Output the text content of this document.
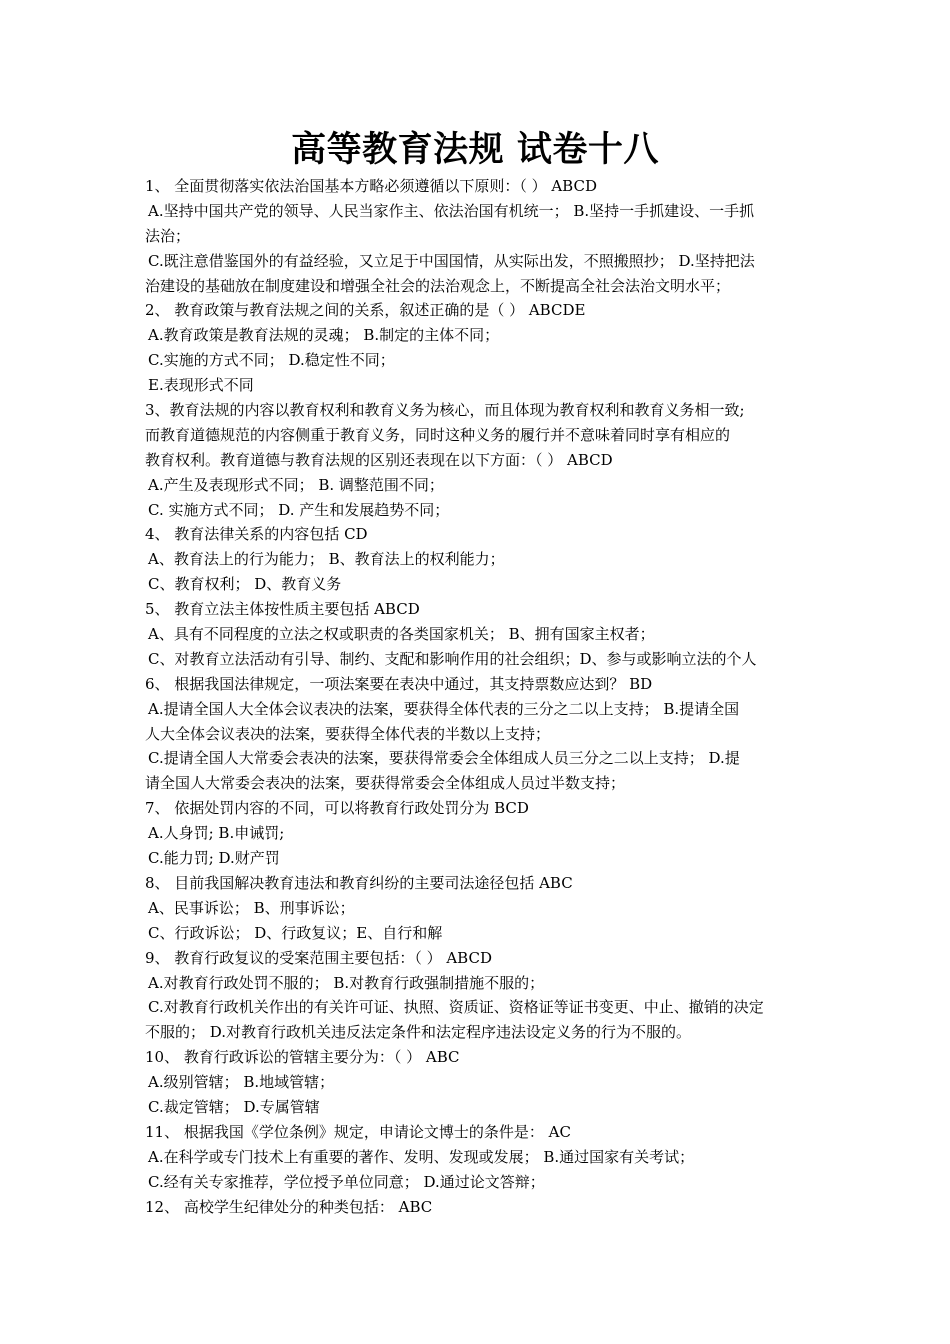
高等教育法规 试卷十八
1、 全面贯彻落实依法治国基本方略必须遵循以下原则：（ ） ABCD
A.坚持中国共产党的领导、人民当家作主、依法治国有机统一； B.坚持一手抓建设、一手抓
法治；
C.既注意借鉴国外的有益经验，又立足于中国国情，从实际出发，不照搬照抄； D.坚持把法
治建设的基础放在制度建设和增强全社会的法治观念上，不断提高全社会法治文明水平；
2、 教育政策与教育法规之间的关系，叙述正确的是（ ） ABCDE
A.教育政策是教育法规的灵魂； B.制定的主体不同；
C.实施的方式不同； D.稳定性不同；
E.表现形式不同
3、教育法规的内容以教育权利和教育义务为核心，而且体现为教育权利和教育义务相一致;
而教育道德规范的内容侧重于教育义务，同时这种义务的履行并不意味着同时享有相应的
教育权利。教育道德与教育法规的区别还表现在以下方面：（ ） ABCD
A.产生及表现形式不同； B. 调整范围不同；
C. 实施方式不同； D. 产生和发展趋势不同；
4、 教育法律关系的内容包括 CD
A、教育法上的行为能力； B、教育法上的权利能力；
C、教育权利； D、教育义务
5、 教育立法主体按性质主要包括 ABCD
A、具有不同程度的立法之权或职责的各类国家机关； B、拥有国家主权者；
C、对教育立法活动有引导、制约、支配和影响作用的社会组织；D、参与或影响立法的个人
6、 根据我国法律规定，一项法案要在表决中通过，其支持票数应达到？ BD
A.提请全国人大全体会议表决的法案，要获得全体代表的三分之二以上支持； B.提请全国
人大全体会议表决的法案，要获得全体代表的半数以上支持；
C.提请全国人大常委会表决的法案，要获得常委会全体组成人员三分之二以上支持； D.提
请全国人大常委会表决的法案，要获得常委会全体组成人员过半数支持；
7、 依据处罚内容的不同，可以将教育行政处罚分为 BCD
A.人身罚; B.申诫罚;
C.能力罚; D.财产罚
8、 目前我国解决教育违法和教育纠纷的主要司法途径包括 ABC
A、民事诉讼； B、刑事诉讼；
C、行政诉讼； D、行政复议；E、自行和解
9、 教育行政复议的受案范围主要包括：（ ） ABCD
A.对教育行政处罚不服的； B.对教育行政强制措施不服的；
C.对教育行政机关作出的有关许可证、执照、资质证、资格证等证书变更、中止、撤销的决定
不服的； D.对教育行政机关违反法定条件和法定程序违法设定义务的行为不服的。
10、 教育行政诉讼的管辖主要分为：（ ） ABC
A.级别管辖； B.地域管辖；
C.裁定管辖； D.专属管辖
11、 根据我国《学位条例》规定，申请论文博士的条件是： AC
A.在科学或专门技术上有重要的著作、发明、发现或发展； B.通过国家有关考试；
C.经有关专家推荐，学位授予单位同意； D.通过论文答辩；
12、 高校学生纪律处分的种类包括： ABC
